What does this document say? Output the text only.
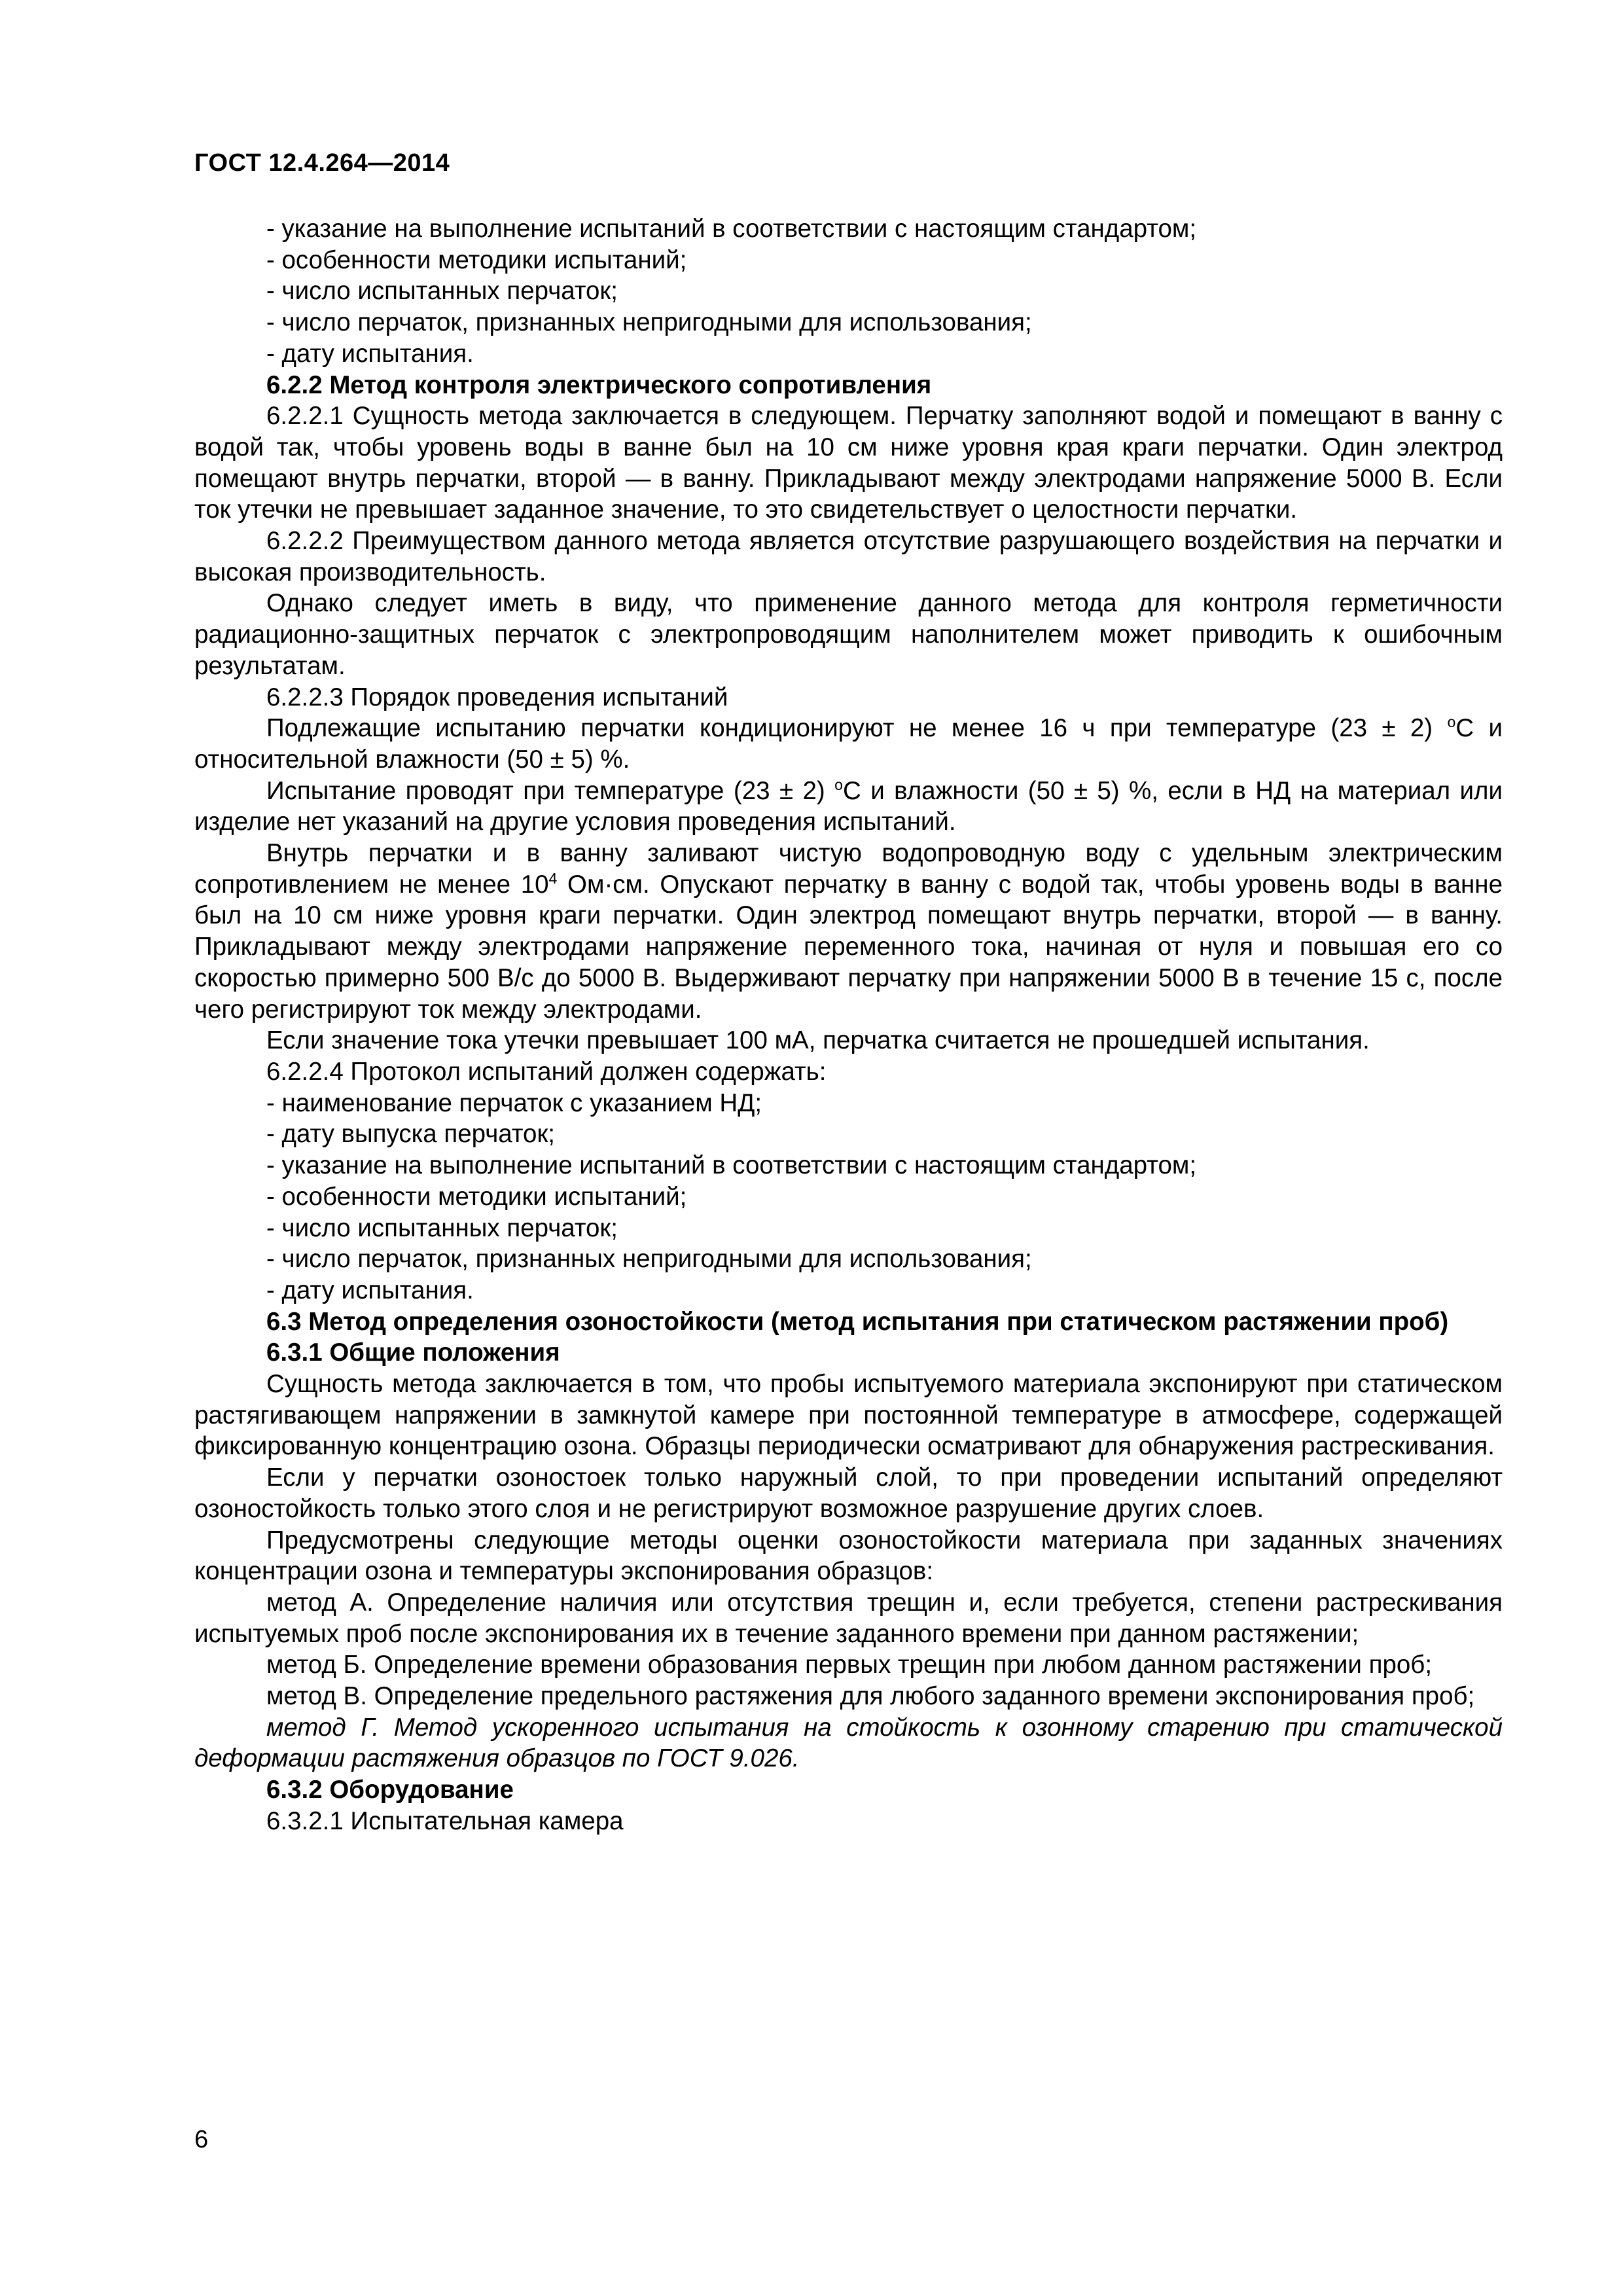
ГОСТ 12.4.264—2014

- указание на выполнение испытаний в соответствии с настоящим стандартом;

- особенности методики испытаний;

- число испытанных перчаток;

- число перчаток, признанных непригодными для использования;

- дату испытания.

6.2.2 Метод контроля электрического сопротивления

6.2.2.1 Сущность метода заключается в следующем. Перчатку заполняют водой и помещают в ванну с водой так, чтобы уровень воды в ванне был на 10 см ниже уровня края краги перчатки. Один электрод помещают внутрь перчатки, второй — в ванну. Прикладывают между электродами напряжение 5000 В. Если ток утечки не превышает заданное значение, то это свидетельствует о целостности перчатки.

6.2.2.2 Преимуществом данного метода является отсутствие разрушающего воздействия на перчатки и высокая производительность.

Однако следует иметь в виду, что применение данного метода для контроля герметичности радиационно-защитных перчаток с электропроводящим наполнителем может приводить к ошибочным результатам.

6.2.2.3 Порядок проведения испытаний

Подлежащие испытанию перчатки кондиционируют не менее 16 ч при температуре (23 ± 2) $^o$С и относительной влажности (50 ± 5) %.

Испытание проводят при температуре (23 ± 2) $^o$С и влажности (50 ± 5) %, если в НД на материал или изделие нет указаний на другие условия проведения испытаний.

Внутрь перчатки и в ванну заливают чистую водопроводную воду с удельным электрическим сопротивлением не менее $10^4$ Ом·см. Опускают перчатку в ванну с водой так, чтобы уровень воды в ванне был на 10 см ниже уровня краги перчатки. Один электрод помещают внутрь перчатки, второй — в ванну. Прикладывают между электродами напряжение переменного тока, начиная от нуля и повышая его со скоростью примерно 500 В/с до 5000 В. Выдерживают перчатку при напряжении 5000 В в течение 15 с, после чего регистрируют ток между электродами.

Если значение тока утечки превышает 100 мА, перчатка считается не прошедшей испытания.

6.2.2.4 Протокол испытаний должен содержать:

- наименование перчаток с указанием НД;

- дату выпуска перчаток;

- указание на выполнение испытаний в соответствии с настоящим стандартом;

- особенности методики испытаний;

- число испытанных перчаток;

- число перчаток, признанных непригодными для использования;

- дату испытания.

6.3 Метод определения озоностойкости (метод испытания при статическом растяжении проб)

6.3.1 Общие положения

Сущность метода заключается в том, что пробы испытуемого материала экспонируют при статическом растягивающем напряжении в замкнутой камере при постоянной температуре в атмосфере, содержащей фиксированную концентрацию озона. Образцы периодически осматривают для обнаружения растрескивания.

Если у перчатки озоностоек только наружный слой, то при проведении испытаний определяют озоностойкость только этого слоя и не регистрируют возможное разрушение других слоев.

Предусмотрены следующие методы оценки озоностойкости материала при заданных значениях концентрации озона и температуры экспонирования образцов:

метод А. Определение наличия или отсутствия трещин и, если требуется, степени растрескивания испытуемых проб после экспонирования их в течение заданного времени при данном растяжении;

метод Б. Определение времени образования первых трещин при любом данном растяжении проб;

метод В. Определение предельного растяжения для любого заданного времени экспонирования проб;

метод Г. Метод ускоренного испытания на стойкость к озонному старению при статической деформации растяжения образцов по ГОСТ 9.026.

6.3.2 Оборудование

6.3.2.1 Испытательная камера

6
